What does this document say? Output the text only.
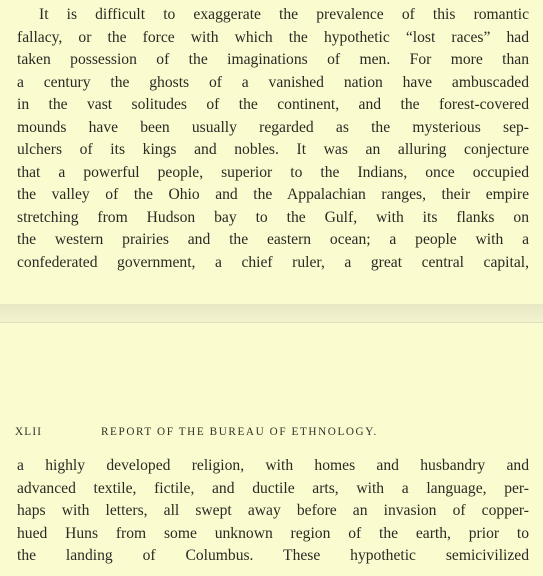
It is difficult to exaggerate the prevalence of this romantic
fallacy, or the force with which the hypothetic “lost races” had
taken possession of the imaginations of men. For more than
a century the ghosts of a vanished nation have ambuscaded
in the vast solitudes of the continent, and the forest-covered
mounds have been usually regarded as the mysterious sep-
ulchers of its kings and nobles. It was an alluring conjecture
that a powerful people, superior to the Indians, once occupied
the valley of the Ohio and the Appalachian ranges, their empire
stretching from Hudson bay to the Gulf, with its flanks on
the western prairies and the eastern ocean; a people with a
confederated government, a chief ruler, a great central capital,
XLII	REPORT OF THE BUREAU OF ETHNOLOGY.
a highly developed religion, with homes and husbandry and
advanced textile, fictile, and ductile arts, with a language, per-
haps with letters, all swept away before an invasion of copper-
hued Huns from some unknown region of the earth, prior to
the landing of Columbus. These hypothetic semicivilized
